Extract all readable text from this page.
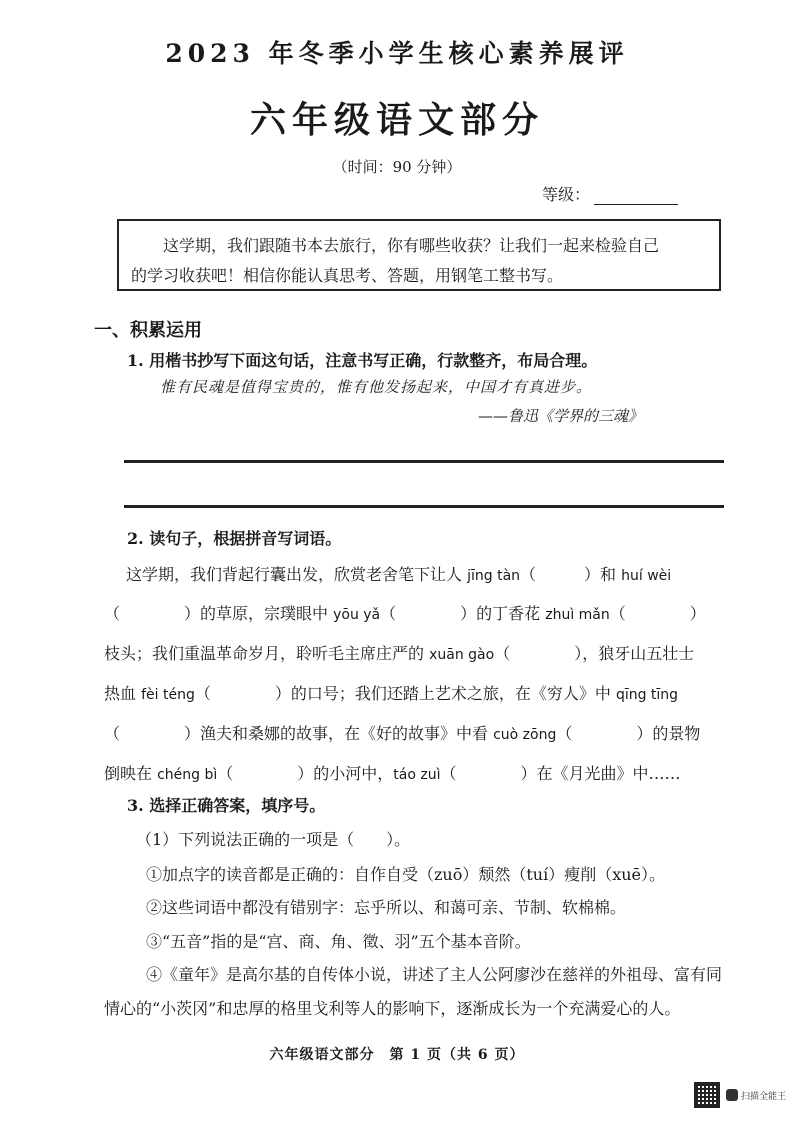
2023 年冬季小学生核心素养展评
六年级语文部分
（时间：90 分钟）
等级：
这学期，我们跟随书本去旅行，你有哪些收获？让我们一起来检验自己
的学习收获吧！相信你能认真思考、答题，用钢笔工整书写。
一、积累运用
1. 用楷书抄写下面这句话，注意书写正确，行款整齐，布局合理。
惟有民魂是值得宝贵的，惟有他发扬起来，中国才有真进步。
——鲁迅《学界的三魂》
2. 读句子，根据拼音写词语。
这学期，我们背起行囊出发，欣赏老舍笔下让人 jīng tàn（　　　）和 huí wèi
（　　　　）的草原，宗璞眼中 yōu yǎ（　　　　）的丁香花 zhuì mǎn（　　　　）
枝头；我们重温革命岁月，聆听毛主席庄严的 xuān gào（　　　　），狼牙山五壮士
热血 fèi téng（　　　　）的口号；我们还踏上艺术之旅，在《穷人》中 qīng tīng
（　　　　）渔夫和桑娜的故事，在《好的故事》中看 cuò zōng（　　　　）的景物
倒映在 chéng bì（　　　　）的小河中，táo zuì（　　　　）在《月光曲》中……
3. 选择正确答案，填序号。
（1）下列说法正确的一项是（　　）。
①加点字的读音都是正确的：自作自受（zuō）颓然（tuí）瘦削（xuē）。
②这些词语中都没有错别字：忘乎所以、和蔼可亲、节制、软棉棉。
③“五音”指的是“宫、商、角、徵、羽”五个基本音阶。
④《童年》是高尔基的自传体小说，讲述了主人公阿廖沙在慈祥的外祖母、富有同
情心的“小茨冈”和忠厚的格里戈利等人的影响下，逐渐成长为一个充满爱心的人。
六年级语文部分　第 1 页（共 6 页）
扫描全能王
